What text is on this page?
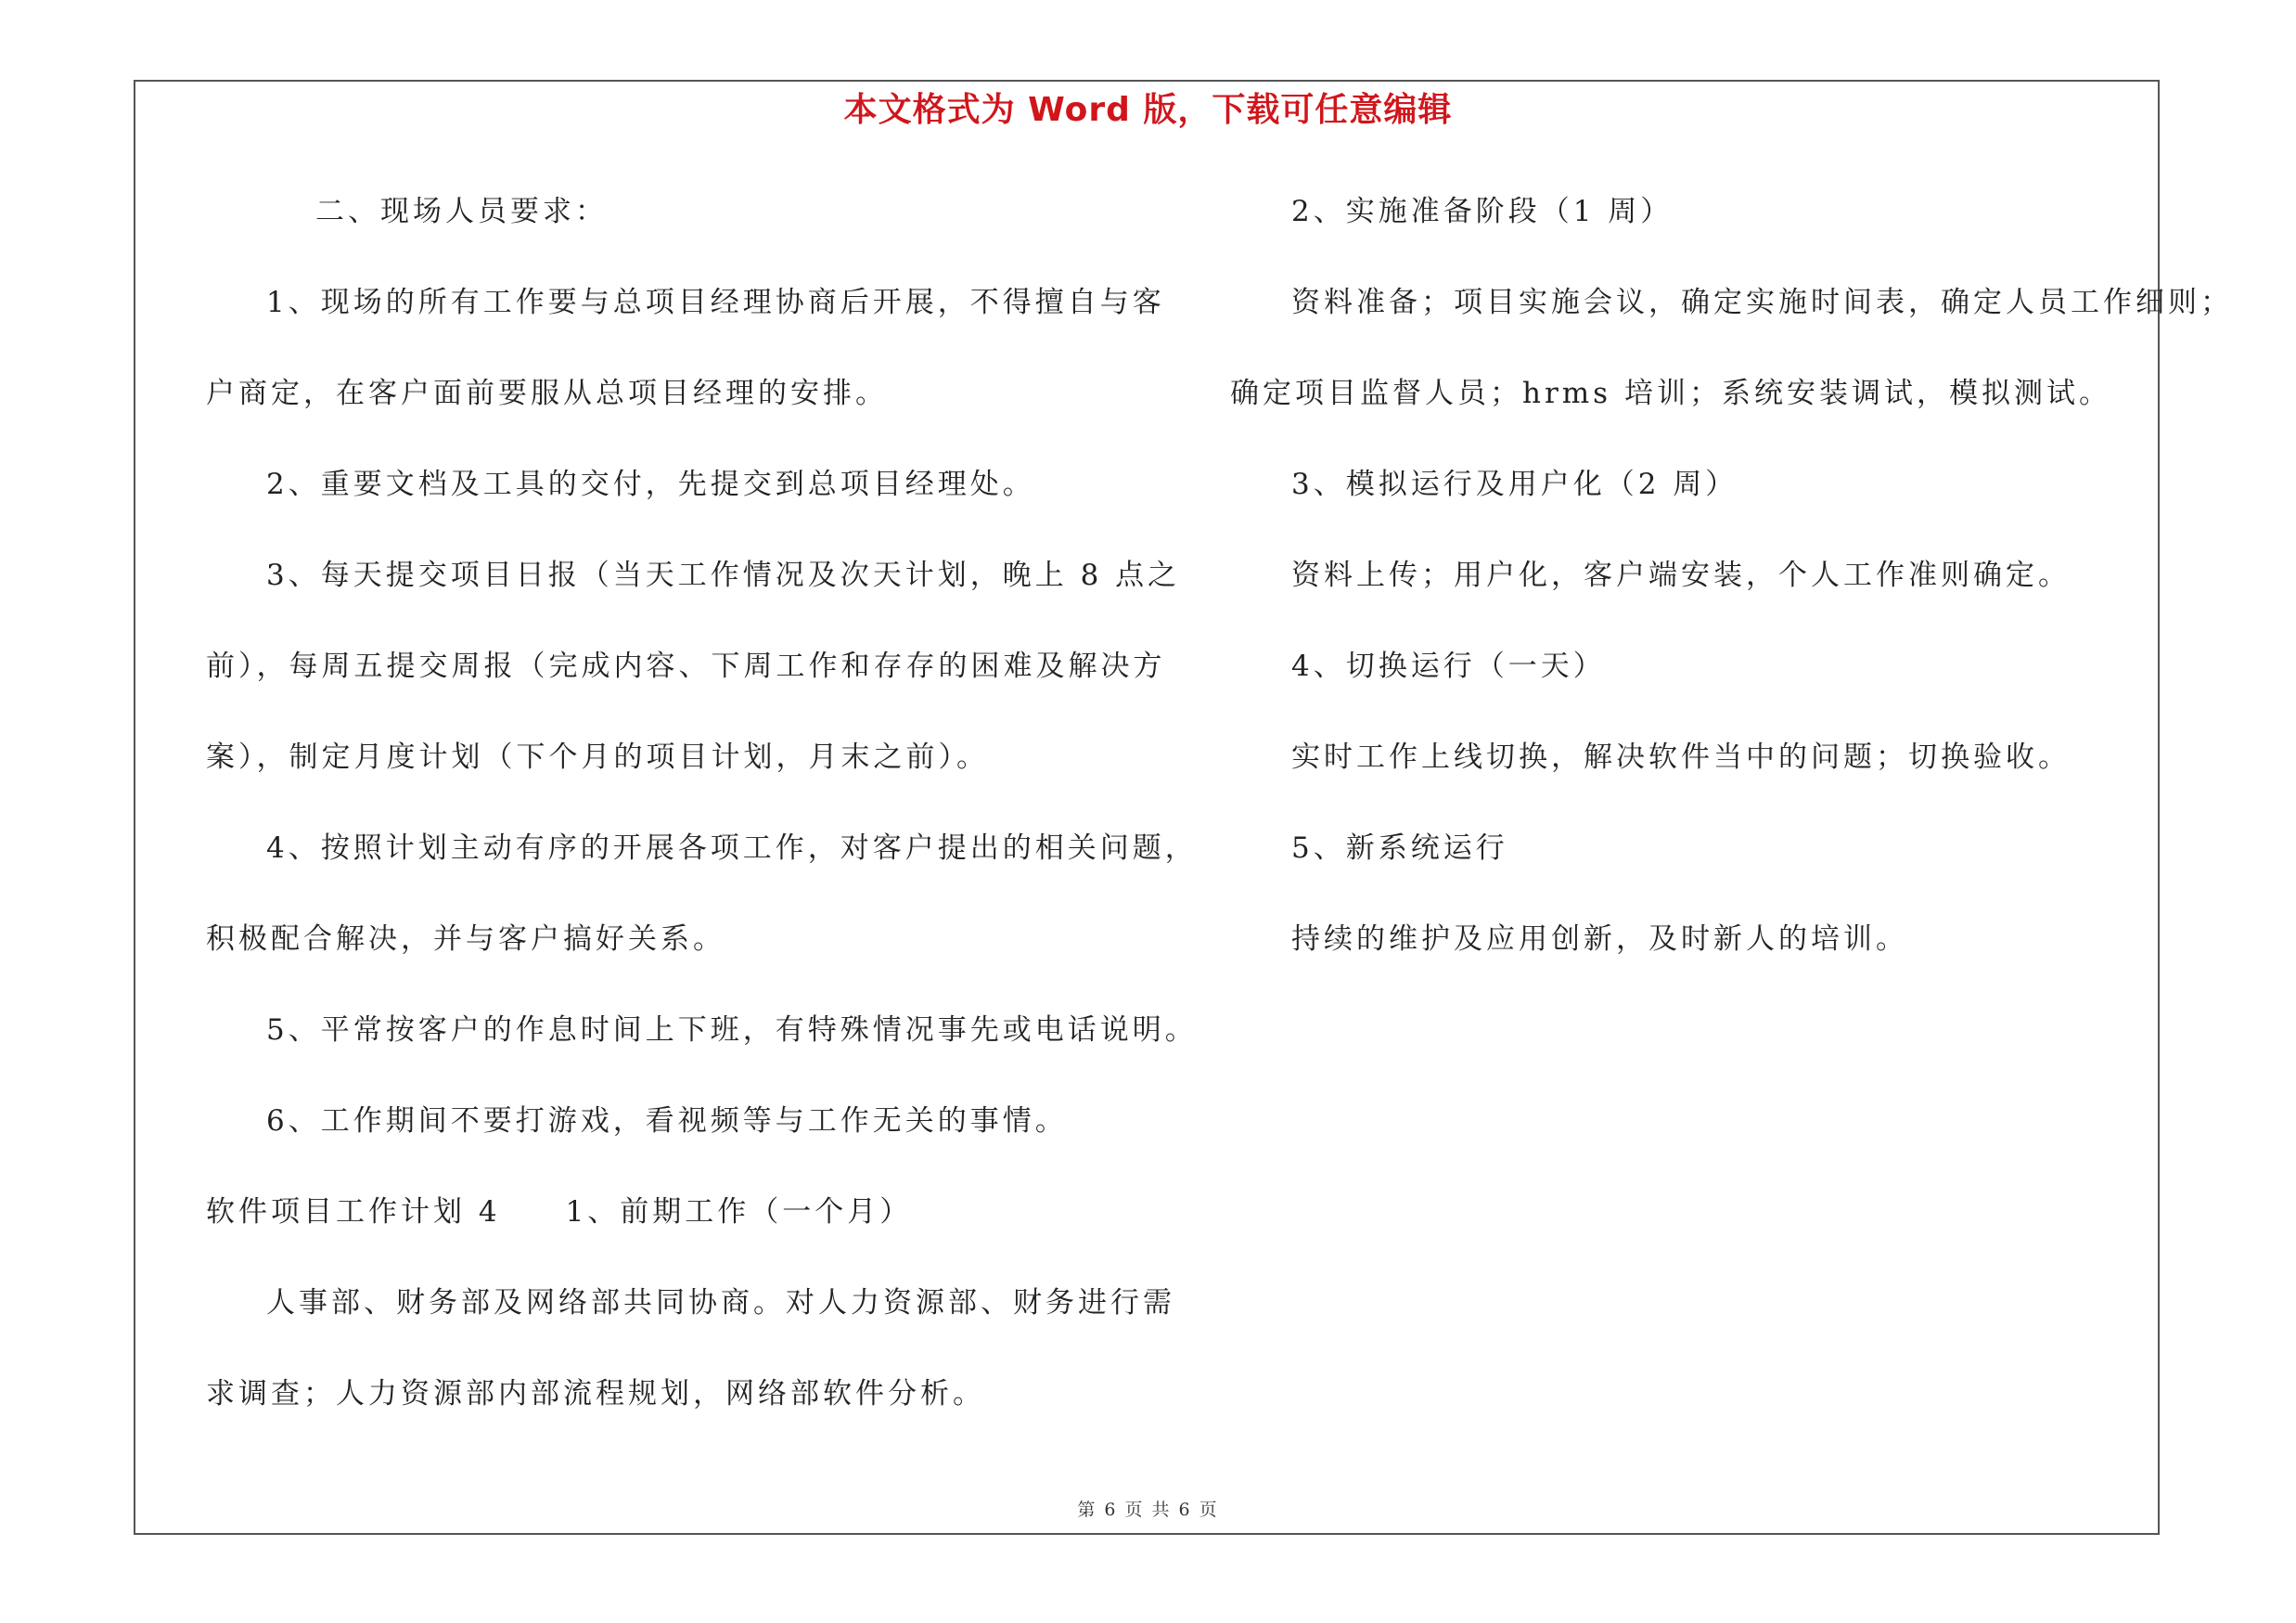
本文格式为 Word 版，下载可任意编辑
二、现场人员要求：
1、现场的所有工作要与总项目经理协商后开展，不得擅自与客
户商定，在客户面前要服从总项目经理的安排。
2、重要文档及工具的交付，先提交到总项目经理处。
3、每天提交项目日报（当天工作情况及次天计划，晚上 8 点之
前），每周五提交周报（完成内容、下周工作和存存的困难及解决方
案），制定月度计划（下个月的项目计划，月末之前）。
4、按照计划主动有序的开展各项工作，对客户提出的相关问题，
积极配合解决，并与客户搞好关系。
5、平常按客户的作息时间上下班，有特殊情况事先或电话说明。
6、工作期间不要打游戏，看视频等与工作无关的事情。
软件项目工作计划 4　　1、前期工作（一个月）
人事部、财务部及网络部共同协商。对人力资源部、财务进行需
求调查；人力资源部内部流程规划，网络部软件分析。
2、实施准备阶段（1 周）
资料准备；项目实施会议，确定实施时间表，确定人员工作细则；
确定项目监督人员；hrms 培训；系统安装调试，模拟测试。
3、模拟运行及用户化（2 周）
资料上传；用户化，客户端安装，个人工作准则确定。
4、切换运行（一天）
实时工作上线切换，解决软件当中的问题；切换验收。
5、新系统运行
持续的维护及应用创新，及时新人的培训。
第 6 页 共 6 页
